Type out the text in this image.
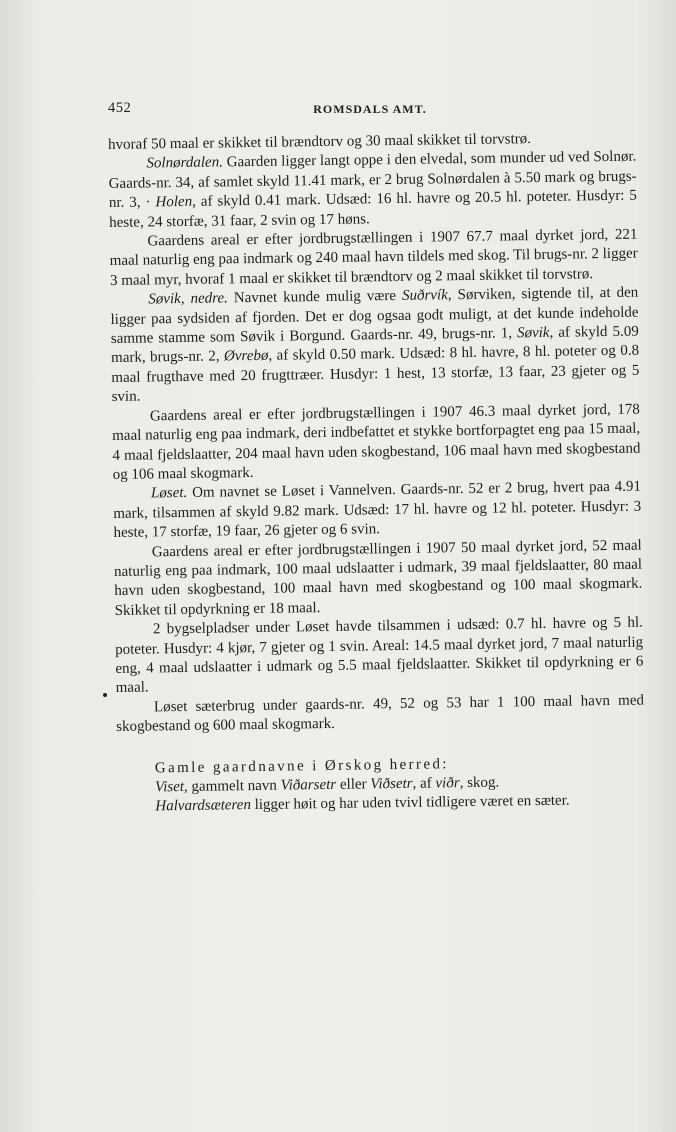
452	ROMSDALS AMT.

hvoraf 50 maal er skikket til brændtorv og 30 maal skikket til torvstrø.

Solnørdalen. Gaarden ligger langt oppe i den elvedal, som munder ud ved Solnør. Gaards-nr. 34, af samlet skyld 11.41 mark, er 2 brug Solnørdalen à 5.50 mark og brugs-nr. 3, · Holen, af skyld 0.41 mark. Udsæd: 16 hl. havre og 20.5 hl. poteter. Husdyr: 5 heste, 24 storfæ, 31 faar, 2 svin og 17 høns.

Gaardens areal er efter jordbrugstællingen i 1907 67.7 maal dyrket jord, 221 maal naturlig eng paa indmark og 240 maal havn tildels med skog. Til brugs-nr. 2 ligger 3 maal myr, hvoraf 1 maal er skikket til brændtorv og 2 maal skikket til torvstrø.

Søvik, nedre. Navnet kunde mulig være Suðrvík, Sørviken, sigtende til, at den ligger paa sydsiden af fjorden. Det er dog ogsaa godt muligt, at det kunde indeholde samme stamme som Søvik i Borgund. Gaards-nr. 49, brugs-nr. 1, Søvik, af skyld 5.09 mark, brugs-nr. 2, Øvrebø, af skyld 0.50 mark. Udsæd: 8 hl. havre, 8 hl. poteter og 0.8 maal frugthave med 20 frugttræer. Husdyr: 1 hest, 13 storfæ, 13 faar, 23 gjeter og 5 svin.

Gaardens areal er efter jordbrugstællingen i 1907 46.3 maal dyrket jord, 178 maal naturlig eng paa indmark, deri indbefattet et stykke bortforpagtet eng paa 15 maal, 4 maal fjeldslaatter, 204 maal havn uden skogbestand, 106 maal havn med skogbestand og 106 maal skogmark.

Løset. Om navnet se Løset i Vannelven. Gaards-nr. 52 er 2 brug, hvert paa 4.91 mark, tilsammen af skyld 9.82 mark. Udsæd: 17 hl. havre og 12 hl. poteter. Husdyr: 3 heste, 17 storfæ, 19 faar, 26 gjeter og 6 svin.

Gaardens areal er efter jordbrugstællingen i 1907 50 maal dyrket jord, 52 maal naturlig eng paa indmark, 100 maal udslaatter i udmark, 39 maal fjeldslaatter, 80 maal havn uden skogbestand, 100 maal havn med skogbestand og 100 maal skogmark. Skikket til opdyrkning er 18 maal.

2 bygselpladser under Løset havde tilsammen i udsæd: 0.7 hl. havre og 5 hl. poteter. Husdyr: 4 kjør, 7 gjeter og 1 svin. Areal: 14.5 maal dyrket jord, 7 maal naturlig eng, 4 maal udslaatter i udmark og 5.5 maal fjeldslaatter. Skikket til opdyrkning er 6 maal.

Løset sæterbrug under gaards-nr. 49, 52 og 53 har 1 100 maal havn med skogbestand og 600 maal skogmark.

Gamle gaardnavne i Ørskog herred:

Viset, gammelt navn Viðarsetr eller Viðsetr, af viðr, skog.

Halvardsæteren ligger høit og har uden tvivl tidligere været en sæter.
